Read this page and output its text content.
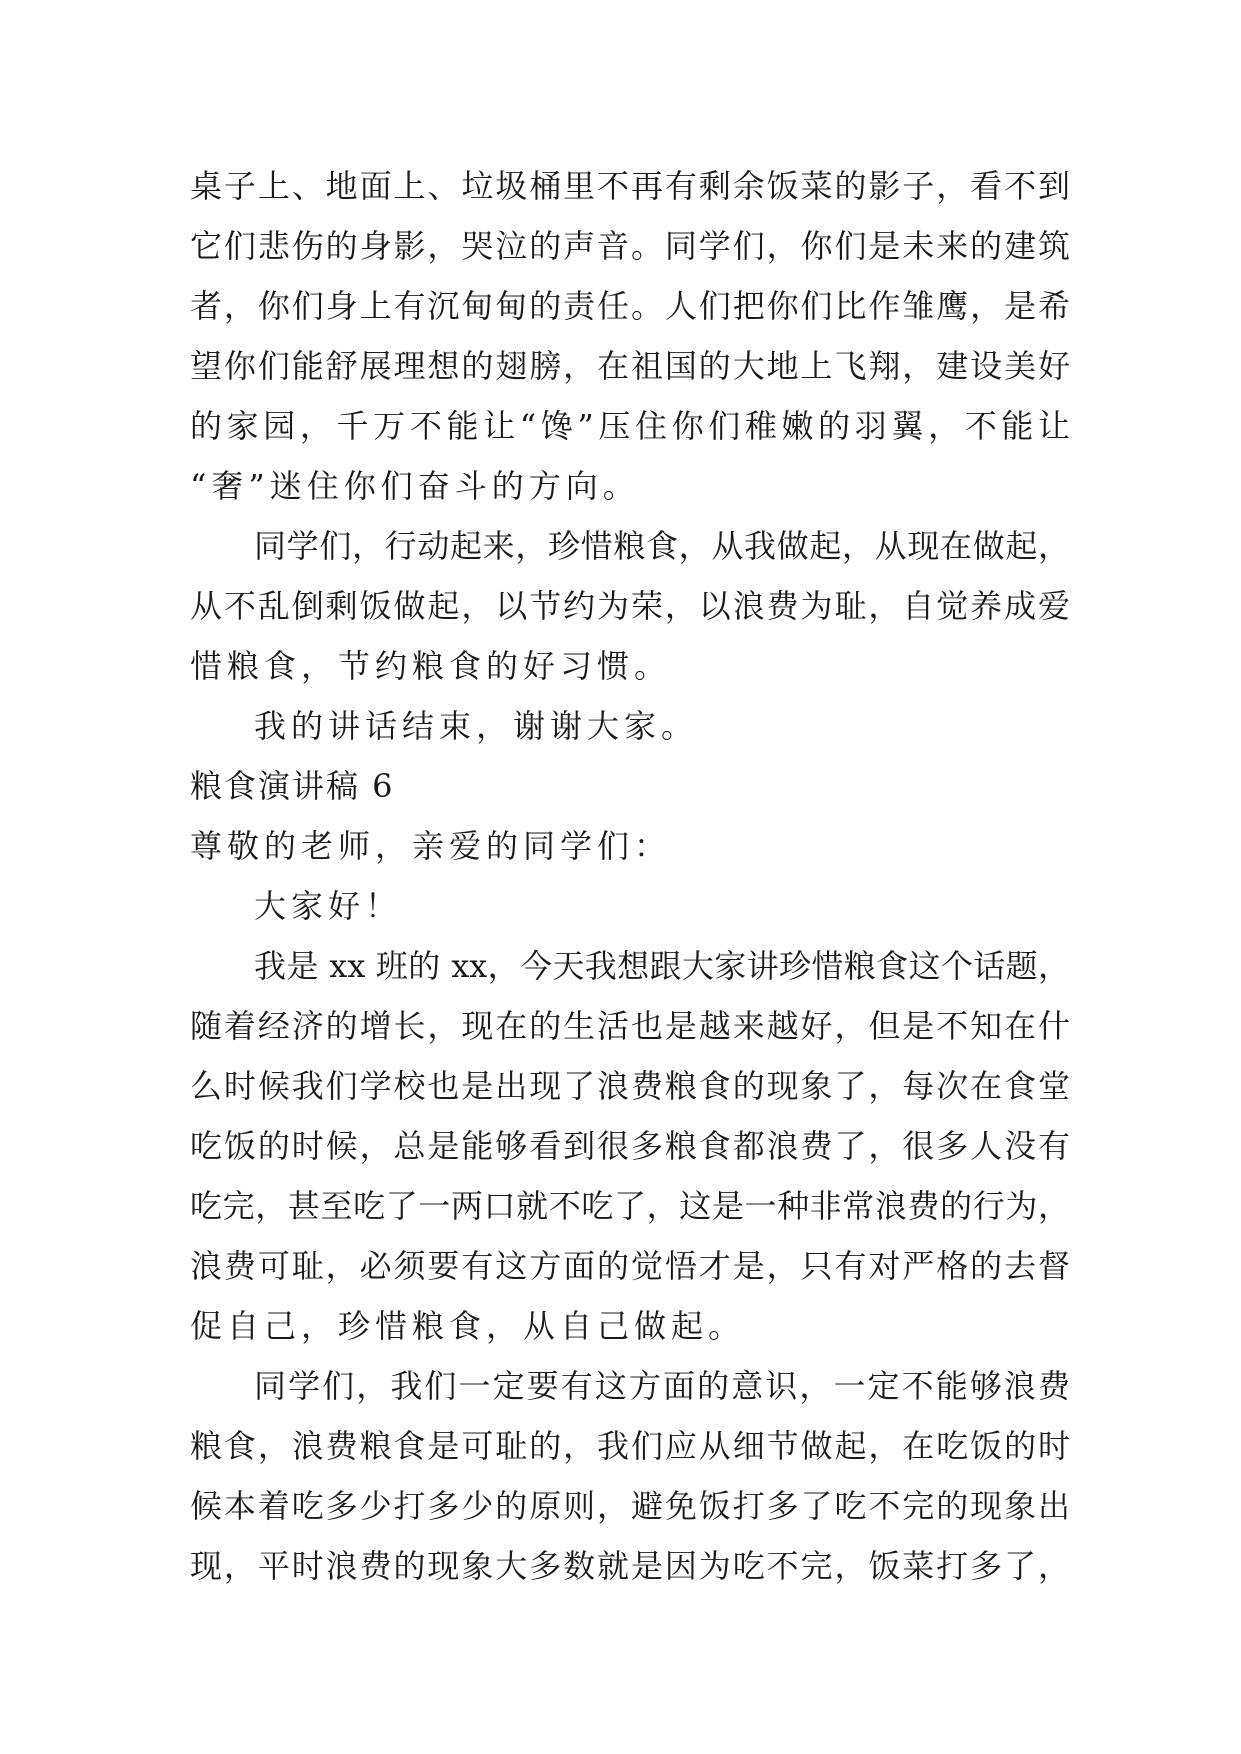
桌子上、地面上、垃圾桶里不再有剩余饭菜的影子，看不到
它们悲伤的身影，哭泣的声音。同学们，你们是未来的建筑
者，你们身上有沉甸甸的责任。人们把你们比作雏鹰，是希
望你们能舒展理想的翅膀，在祖国的大地上飞翔，建设美好
的家园，千万不能让“馋”压住你们稚嫩的羽翼，不能让
“奢”迷住你们奋斗的方向。
同学们，行动起来，珍惜粮食，从我做起，从现在做起，
从不乱倒剩饭做起，以节约为荣，以浪费为耻，自觉养成爱
惜粮食，节约粮食的好习惯。
我的讲话结束，谢谢大家。
粮食演讲稿 6
尊敬的老师，亲爱的同学们：
大家好！
我是 xx 班的 xx，今天我想跟大家讲珍惜粮食这个话题，
随着经济的增长，现在的生活也是越来越好，但是不知在什
么时候我们学校也是出现了浪费粮食的现象了，每次在食堂
吃饭的时候，总是能够看到很多粮食都浪费了，很多人没有
吃完，甚至吃了一两口就不吃了，这是一种非常浪费的行为，
浪费可耻，必须要有这方面的觉悟才是，只有对严格的去督
促自己，珍惜粮食，从自己做起。
同学们，我们一定要有这方面的意识，一定不能够浪费
粮食，浪费粮食是可耻的，我们应从细节做起，在吃饭的时
候本着吃多少打多少的原则，避免饭打多了吃不完的现象出
现，平时浪费的现象大多数就是因为吃不完，饭菜打多了，
